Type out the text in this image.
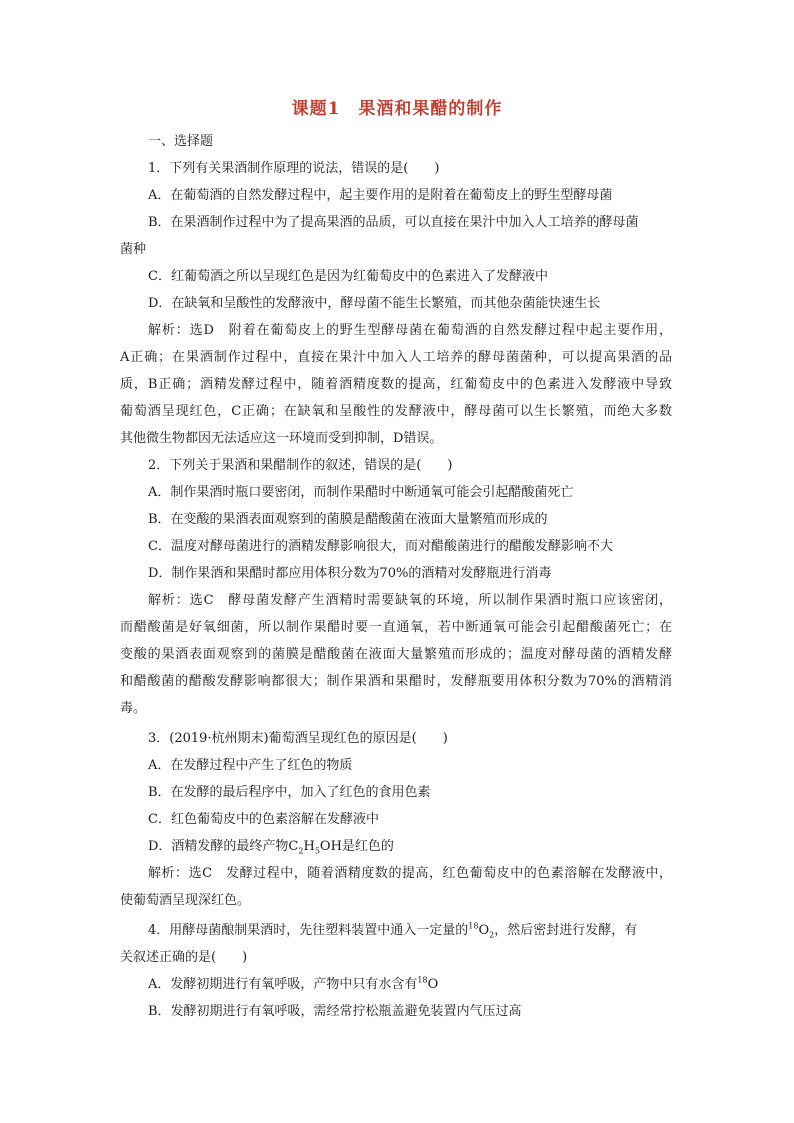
课题1　果酒和果醋的制作
一、选择题
1．下列有关果酒制作原理的说法，错误的是(　　)
A．在葡萄酒的自然发酵过程中，起主要作用的是附着在葡萄皮上的野生型酵母菌
B．在果酒制作过程中为了提高果酒的品质，可以直接在果汁中加入人工培养的酵母菌
菌种
C．红葡萄酒之所以呈现红色是因为红葡萄皮中的色素进入了发酵液中
D．在缺氧和呈酸性的发酵液中，酵母菌不能生长繁殖，而其他杂菌能快速生长
解析：选D　附着在葡萄皮上的野生型酵母菌在葡萄酒的自然发酵过程中起主要作用，
A正确；在果酒制作过程中，直接在果汁中加入人工培养的酵母菌菌种，可以提高果酒的品
质，B正确；酒精发酵过程中，随着酒精度数的提高，红葡萄皮中的色素进入发酵液中导致
葡萄酒呈现红色，C正确；在缺氧和呈酸性的发酵液中，酵母菌可以生长繁殖，而绝大多数
其他微生物都因无法适应这一环境而受到抑制，D错误。
2．下列关于果酒和果醋制作的叙述，错误的是(　　)
A．制作果酒时瓶口要密闭，而制作果醋时中断通氧可能会引起醋酸菌死亡
B．在变酸的果酒表面观察到的菌膜是醋酸菌在液面大量繁殖而形成的
C．温度对酵母菌进行的酒精发酵影响很大，而对醋酸菌进行的醋酸发酵影响不大
D．制作果酒和果醋时都应用体积分数为70%的酒精对发酵瓶进行消毒
解析：选C　酵母菌发酵产生酒精时需要缺氧的环境，所以制作果酒时瓶口应该密闭，
而醋酸菌是好氧细菌，所以制作果醋时要一直通氧，若中断通氧可能会引起醋酸菌死亡；在
变酸的果酒表面观察到的菌膜是醋酸菌在液面大量繁殖而形成的；温度对酵母菌的酒精发酵
和醋酸菌的醋酸发酵影响都很大；制作果酒和果醋时，发酵瓶要用体积分数为70%的酒精消
毒。
3．(2019·杭州期末)葡萄酒呈现红色的原因是(　　)
A．在发酵过程中产生了红色的物质
B．在发酵的最后程序中，加入了红色的食用色素
C．红色葡萄皮中的色素溶解在发酵液中
D．酒精发酵的最终产物$C_2H_5OH$是红色的
解析：选C　发酵过程中，随着酒精度数的提高，红色葡萄皮中的色素溶解在发酵液中，
使葡萄酒呈现深红色。
4．用酵母菌酿制果酒时，先往塑料装置中通入一定量的$^{18}O_2$，然后密封进行发酵，有
关叙述正确的是(　　)
A．发酵初期进行有氧呼吸，产物中只有水含有$^{18}$O
B．发酵初期进行有氧呼吸，需经常拧松瓶盖避免装置内气压过高
